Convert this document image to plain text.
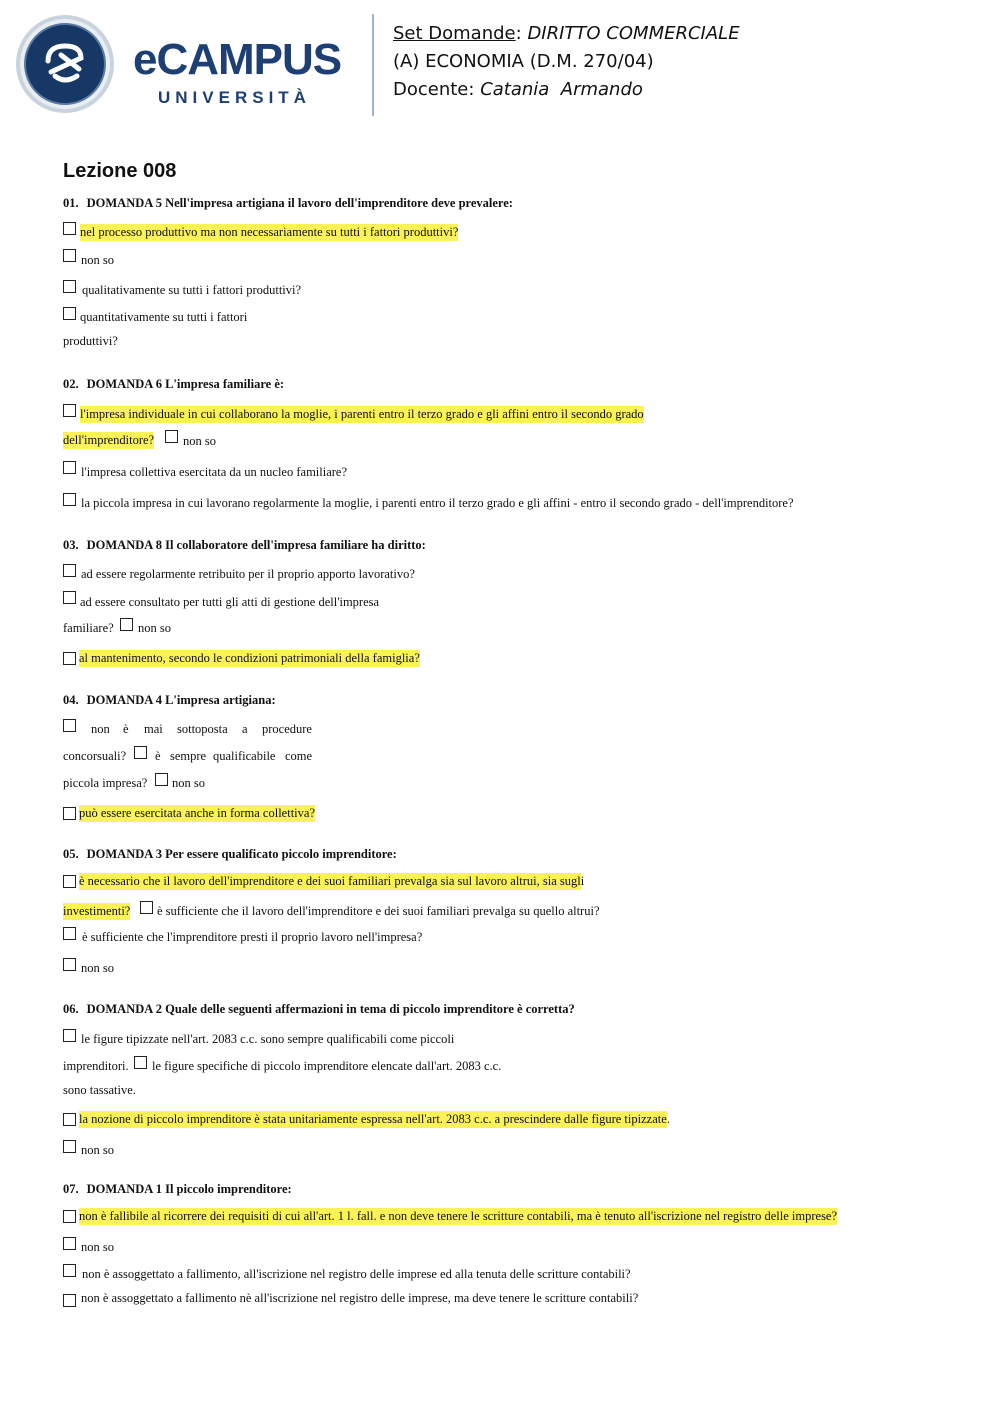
eCAMPUS
UNIVERSITÀ
Set Domande: DIRITTO COMMERCIALE
(A) ECONOMIA (D.M. 270/04)
Docente: Catania  Armando
Lezione 008
01. DOMANDA 5 Nell'impresa artigiana il lavoro dell'imprenditore deve prevalere:
nel processo produttivo ma non necessariamente su tutti i fattori produttivi?
non so
qualitativamente su tutti i fattori produttivi?
quantitativamente su tutti i fattori
produttivi?
02. DOMANDA 6 L'impresa familiare è:
l'impresa individuale in cui collaborano la moglie, i parenti entro il terzo grado e gli affini entro il secondo grado
dell'imprenditore? non so
l'impresa collettiva esercitata da un nucleo familiare?
la piccola impresa in cui lavorano regolarmente la moglie, i parenti entro il terzo grado e gli affini - entro il secondo grado - dell'imprenditore?
03. DOMANDA 8 Il collaboratore dell'impresa familiare ha diritto:
ad essere regolarmente retribuito per il proprio apporto lavorativo?
ad essere consultato per tutti gli atti di gestione dell'impresa
familiare? non so
al mantenimento, secondo le condizioni patrimoniali della famiglia?
04. DOMANDA 4 L'impresa artigiana:
non è mai sottoposta a procedure
concorsuali? è sempre qualificabile come
piccola impresa? non so
può essere esercitata anche in forma collettiva?
05. DOMANDA 3 Per essere qualificato piccolo imprenditore:
è necessario che il lavoro dell'imprenditore e dei suoi familiari prevalga sia sul lavoro altrui, sia sugli
investimenti? è sufficiente che il lavoro dell'imprenditore e dei suoi familiari prevalga su quello altrui?
è sufficiente che l'imprenditore presti il proprio lavoro nell'impresa?
non so
06. DOMANDA 2 Quale delle seguenti affermazioni in tema di piccolo imprenditore è corretta?
le figure tipizzate nell'art. 2083 c.c. sono sempre qualificabili come piccoli
imprenditori. le figure specifiche di piccolo imprenditore elencate dall'art. 2083 c.c.
sono tassative.
la nozione di piccolo imprenditore è stata unitariamente espressa nell'art. 2083 c.c. a prescindere dalle figure tipizzate.
non so
07. DOMANDA 1 Il piccolo imprenditore:
non è fallibile al ricorrere dei requisiti di cui all'art. 1 l. fall. e non deve tenere le scritture contabili, ma è tenuto all'iscrizione nel registro delle imprese?
non so
non è assoggettato a fallimento, all'iscrizione nel registro delle imprese ed alla tenuta delle scritture contabili?
non è assoggettato a fallimento nè all'iscrizione nel registro delle imprese, ma deve tenere le scritture contabili?
